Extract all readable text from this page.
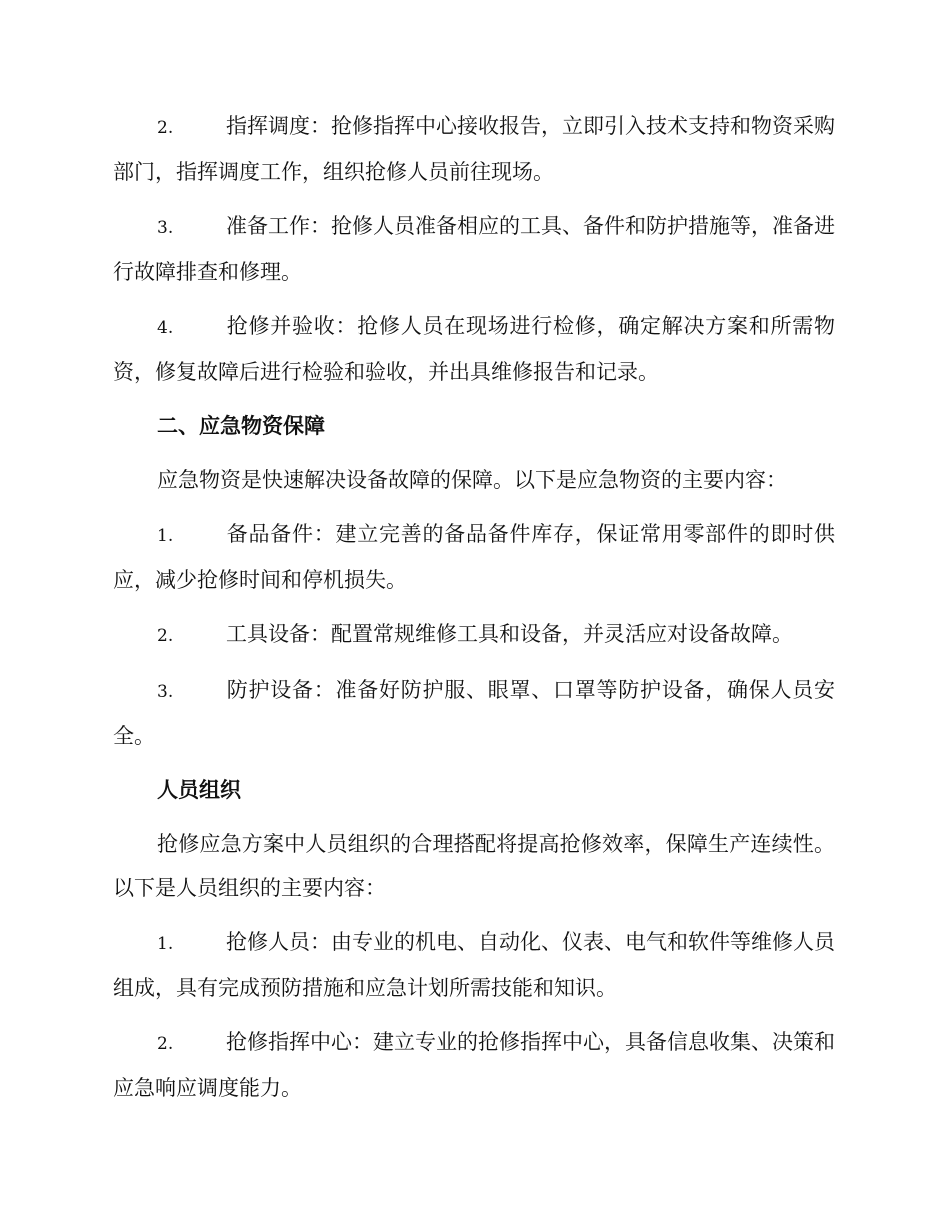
2.	指挥调度：抢修指挥中心接收报告，立即引入技术支持和物资采购部门，指挥调度工作，组织抢修人员前往现场。

3.	准备工作：抢修人员准备相应的工具、备件和防护措施等，准备进行故障排查和修理。

4.	抢修并验收：抢修人员在现场进行检修，确定解决方案和所需物资，修复故障后进行检验和验收，并出具维修报告和记录。

二、应急物资保障

应急物资是快速解决设备故障的保障。以下是应急物资的主要内容：

1.	备品备件：建立完善的备品备件库存，保证常用零部件的即时供应，减少抢修时间和停机损失。

2.	工具设备：配置常规维修工具和设备，并灵活应对设备故障。

3.	防护设备：准备好防护服、眼罩、口罩等防护设备，确保人员安全。

人员组织

抢修应急方案中人员组织的合理搭配将提高抢修效率，保障生产连续性。以下是人员组织的主要内容：

1.	抢修人员：由专业的机电、自动化、仪表、电气和软件等维修人员组成，具有完成预防措施和应急计划所需技能和知识。

2.	抢修指挥中心：建立专业的抢修指挥中心，具备信息收集、决策和应急响应调度能力。
